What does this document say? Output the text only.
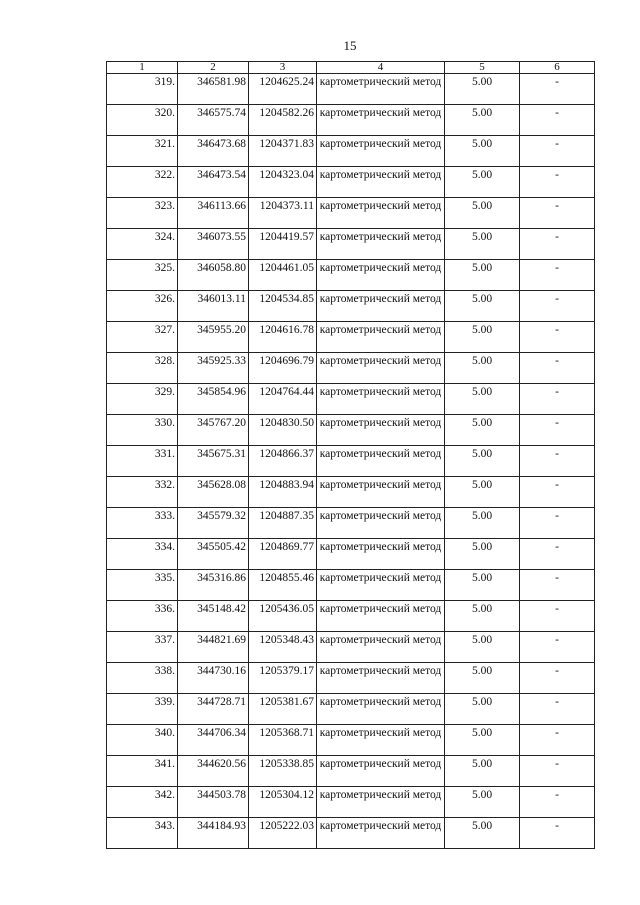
15
1	2	3	4	5	6
319.	346581.98	1204625.24	картометрический метод	5.00	-
320.	346575.74	1204582.26	картометрический метод	5.00	-
321.	346473.68	1204371.83	картометрический метод	5.00	-
322.	346473.54	1204323.04	картометрический метод	5.00	-
323.	346113.66	1204373.11	картометрический метод	5.00	-
324.	346073.55	1204419.57	картометрический метод	5.00	-
325.	346058.80	1204461.05	картометрический метод	5.00	-
326.	346013.11	1204534.85	картометрический метод	5.00	-
327.	345955.20	1204616.78	картометрический метод	5.00	-
328.	345925.33	1204696.79	картометрический метод	5.00	-
329.	345854.96	1204764.44	картометрический метод	5.00	-
330.	345767.20	1204830.50	картометрический метод	5.00	-
331.	345675.31	1204866.37	картометрический метод	5.00	-
332.	345628.08	1204883.94	картометрический метод	5.00	-
333.	345579.32	1204887.35	картометрический метод	5.00	-
334.	345505.42	1204869.77	картометрический метод	5.00	-
335.	345316.86	1204855.46	картометрический метод	5.00	-
336.	345148.42	1205436.05	картометрический метод	5.00	-
337.	344821.69	1205348.43	картометрический метод	5.00	-
338.	344730.16	1205379.17	картометрический метод	5.00	-
339.	344728.71	1205381.67	картометрический метод	5.00	-
340.	344706.34	1205368.71	картометрический метод	5.00	-
341.	344620.56	1205338.85	картометрический метод	5.00	-
342.	344503.78	1205304.12	картометрический метод	5.00	-
343.	344184.93	1205222.03	картометрический метод	5.00	-
